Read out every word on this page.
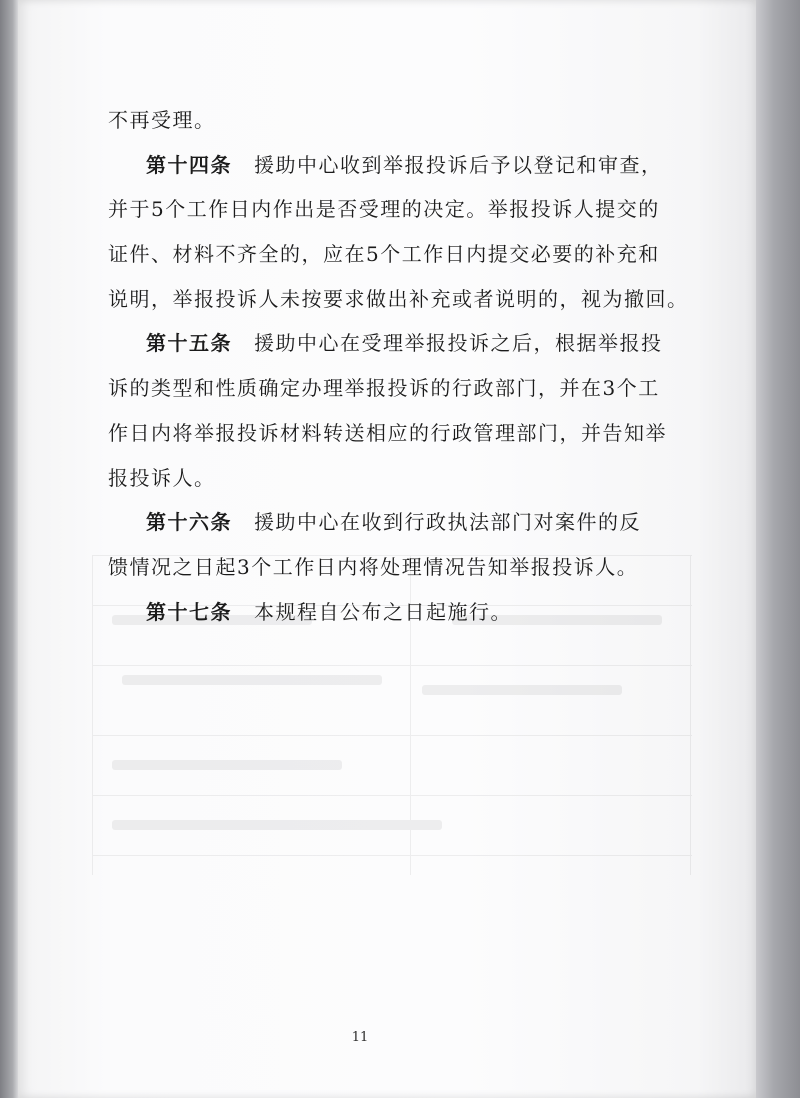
不再受理。
第十四条 援助中心收到举报投诉后予以登记和审查，
并于5个工作日内作出是否受理的决定。举报投诉人提交的
证件、材料不齐全的，应在5个工作日内提交必要的补充和
说明，举报投诉人未按要求做出补充或者说明的，视为撤回。
第十五条 援助中心在受理举报投诉之后，根据举报投
诉的类型和性质确定办理举报投诉的行政部门，并在3个工
作日内将举报投诉材料转送相应的行政管理部门，并告知举
报投诉人。
第十六条 援助中心在收到行政执法部门对案件的反
馈情况之日起3个工作日内将处理情况告知举报投诉人。
第十七条 本规程自公布之日起施行。
11
